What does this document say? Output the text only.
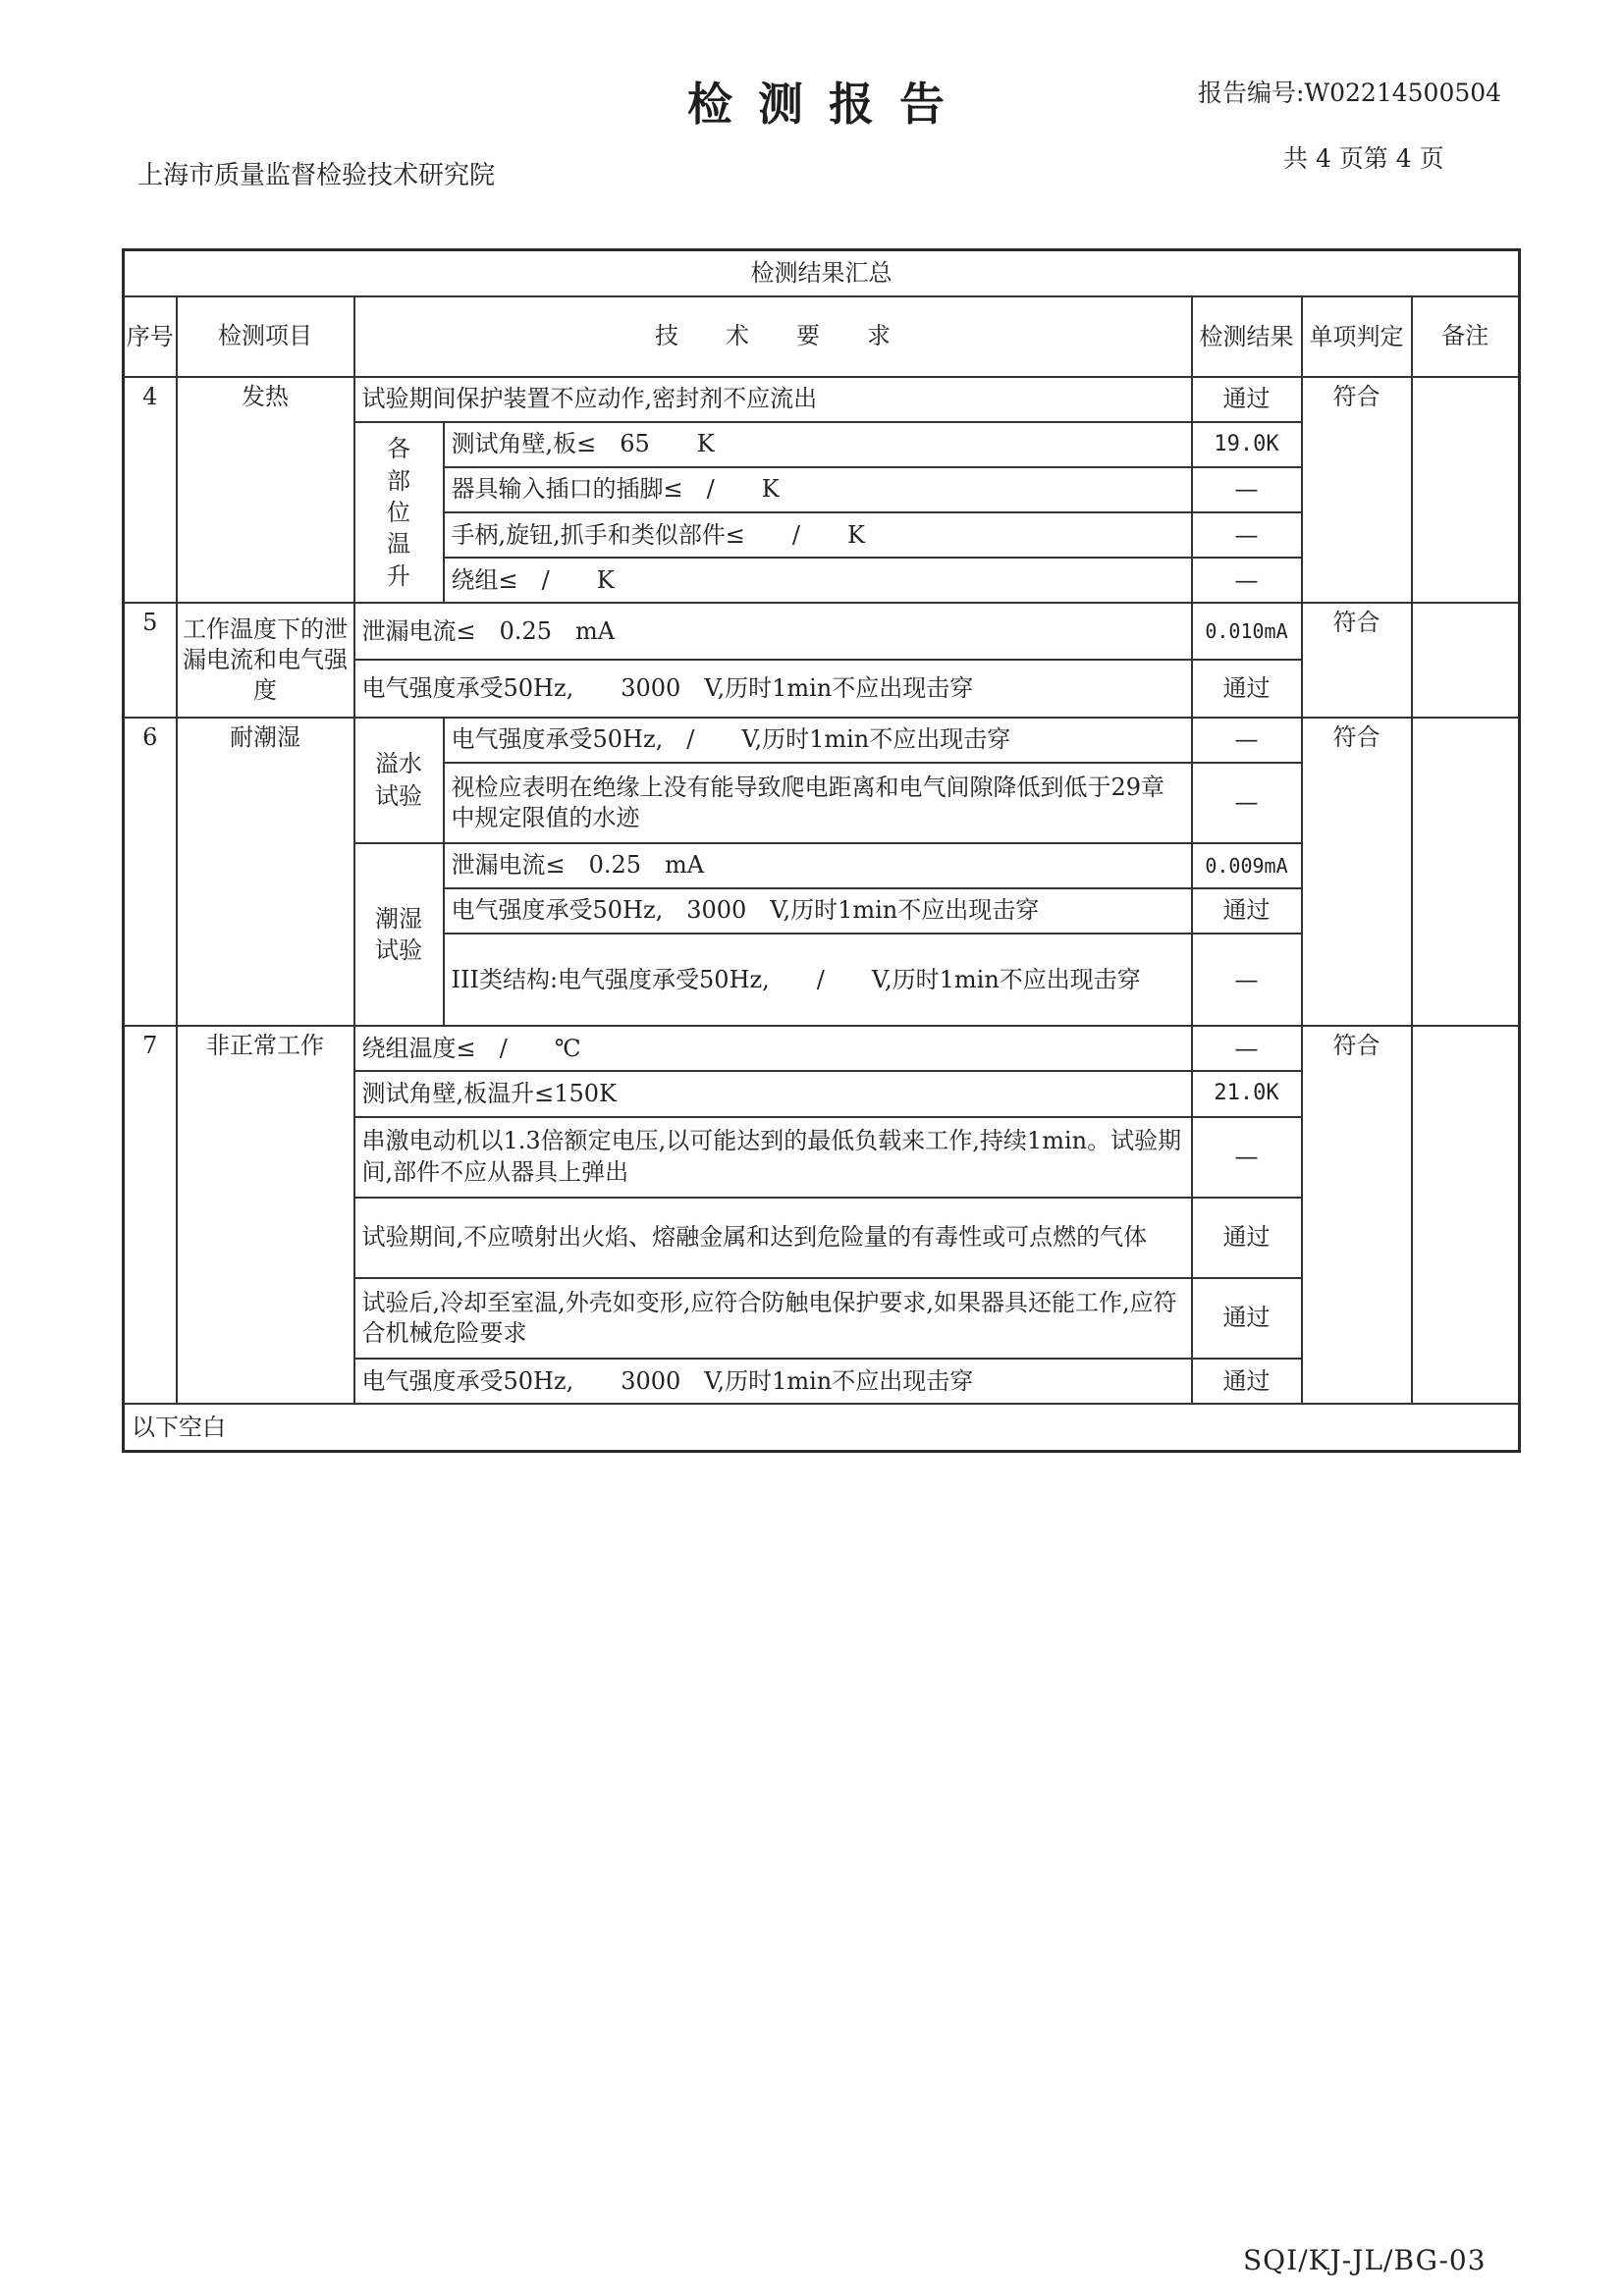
检测报告	报告编号:W02214500504
上海市质量监督检验技术研究院
共 4 页第 4 页
检测结果汇总						
序号	检测项目	技　　术　　要　　求		检测结果	单项判定	备注
4	发热	试验期间保护装置不应动作,密封剂不应流出		通过	符合	
		各部位温升	测试角壁,板≤　65　　K	19.0K		
			器具输入插口的插脚≤　/　　K	—		
			手柄,旋钮,抓手和类似部件≤　　/　　K	—		
			绕组≤　/　　K	—		
5	工作温度下的泄漏电流和电气强度	泄漏电流≤　0.25　mA		0.010mA	符合	
		电气强度承受50Hz,　　3000　V,历时1min不应出现击穿		通过		
6	耐潮湿	溢水试验	电气强度承受50Hz,　/　　V,历时1min不应出现击穿	—	符合	
			视检应表明在绝缘上没有能导致爬电距离和电气间隙降低到低于29章中规定限值的水迹	—		
		潮湿试验	泄漏电流≤　0.25　mA	0.009mA		
			电气强度承受50Hz,　3000　V,历时1min不应出现击穿	通过		
			III类结构:电气强度承受50Hz,　　/　　V,历时1min不应出现击穿	—		
7	非正常工作	绕组温度≤　/　　℃		—	符合	
		测试角壁,板温升≤150K		21.0K		
		串激电动机以1.3倍额定电压,以可能达到的最低负载来工作,持续1min。试验期间,部件不应从器具上弹出		—		
		试验期间,不应喷射出火焰、熔融金属和达到危险量的有毒性或可点燃的气体		通过		
		试验后,冷却至室温,外壳如变形,应符合防触电保护要求,如果器具还能工作,应符合机械危险要求		通过		
		电气强度承受50Hz,　　3000　V,历时1min不应出现击穿		通过		
以下空白						
SQI/KJ-JL/BG-03
